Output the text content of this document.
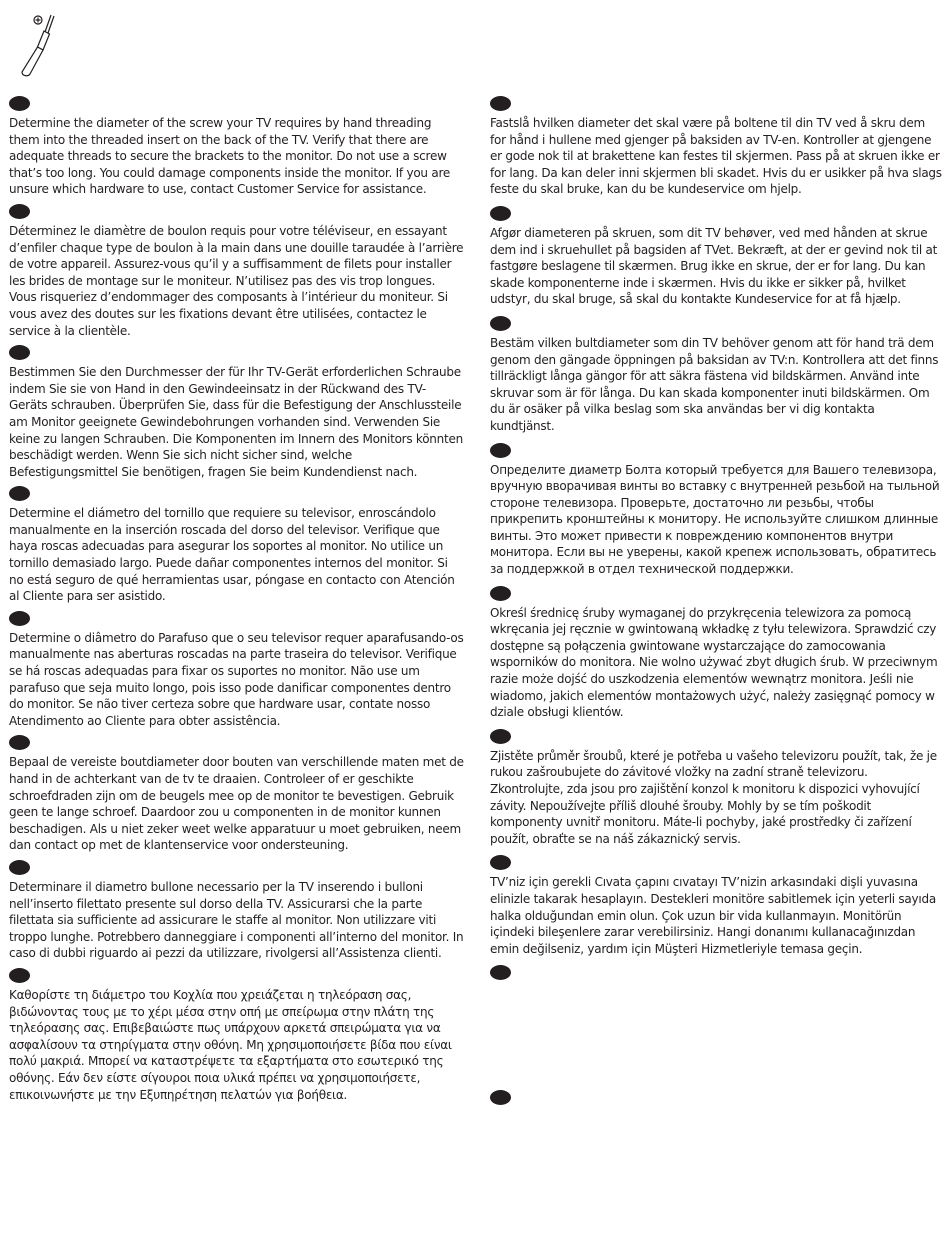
Determine the diameter of the screw your TV requires by hand threading them into the threaded insert on the back of the TV. Verify that there are adequate threads to secure the brackets to the monitor. Do not use a screw that’s too long. You could damage components inside the monitor. If you are unsure which hardware to use, contact Customer Service for assistance.

Déterminez le diamètre de boulon requis pour votre téléviseur, en essayant d’enfiler chaque type de boulon à la main dans une douille taraudée à l’arrière de votre appareil. Assurez-vous qu’il y a suffisamment de filets pour installer les brides de montage sur le moniteur. N’utilisez pas des vis trop longues. Vous risqueriez d’endommager des composants à l’intérieur du moniteur. Si vous avez des doutes sur les fixations devant être utilisées, contactez le service à la clientèle.

Bestimmen Sie den Durchmesser der für Ihr TV-Gerät erforderlichen Schraube indem Sie sie von Hand in den Gewindeeinsatz in der Rückwand des TV-Geräts schrauben. Überprüfen Sie, dass für die Befestigung der Anschlussteile am Monitor geeignete Gewindebohrungen vorhanden sind. Verwenden Sie keine zu langen Schrauben. Die Komponenten im Innern des Monitors könnten beschädigt werden. Wenn Sie sich nicht sicher sind, welche Befestigungsmittel Sie benötigen, fragen Sie beim Kundendienst nach.

Determine el diámetro del tornillo que requiere su televisor, enroscándolo manualmente en la inserción roscada del dorso del televisor. Verifique que haya roscas adecuadas para asegurar los soportes al monitor. No utilice un tornillo demasiado largo. Puede dañar componentes internos del monitor. Si no está seguro de qué herramientas usar, póngase en contacto con Atención al Cliente para ser asistido.

Determine o diâmetro do Parafuso que o seu televisor requer aparafusando-os manualmente nas aberturas roscadas na parte traseira do televisor. Verifique se há roscas adequadas para fixar os suportes no monitor. Não use um parafuso que seja muito longo, pois isso pode danificar componentes dentro do monitor. Se não tiver certeza sobre que hardware usar, contate nosso Atendimento ao Cliente para obter assistência.

Bepaal de vereiste boutdiameter door bouten van verschillende maten met de hand in de achterkant van de tv te draaien. Controleer of er geschikte schroefdraden zijn om de beugels mee op de monitor te bevestigen. Gebruik geen te lange schroef. Daardoor zou u componenten in de monitor kunnen beschadigen. Als u niet zeker weet welke apparatuur u moet gebruiken, neem dan contact op met de klantenservice voor ondersteuning.

Determinare il diametro bullone necessario per la TV inserendo i bulloni nell’inserto filettato presente sul dorso della TV. Assicurarsi che la parte filettata sia sufficiente ad assicurare le staffe al monitor. Non utilizzare viti troppo lunghe. Potrebbero danneggiare i componenti all’interno del monitor. In caso di dubbi riguardo ai pezzi da utilizzare, rivolgersi all’Assistenza clienti.

Καθορίστε τη διάμετρο του Κοχλία που χρειάζεται η τηλεόραση σας, βιδώνοντας τους με το χέρι μέσα στην οπή με σπείρωμα στην πλάτη της τηλεόρασης σας. Επιβεβαιώστε πως υπάρχουν αρκετά σπειρώματα για να ασφαλίσουν τα στηρίγματα στην οθόνη. Μη χρησιμοποιήσετε βίδα που είναι πολύ μακριά. Μπορεί να καταστρέψετε τα εξαρτήματα στο εσωτερικό της οθόνης. Εάν δεν είστε σίγουροι ποια υλικά πρέπει να χρησιμοποιήσετε, επικοινωνήστε με την Εξυπηρέτηση πελατών για βοήθεια.

Fastslå hvilken diameter det skal være på boltene til din TV ved å skru dem for hånd i hullene med gjenger på baksiden av TV-en. Kontroller at gjengene er gode nok til at brakettene kan festes til skjermen. Pass på at skruen ikke er for lang. Da kan deler inni skjermen bli skadet. Hvis du er usikker på hva slags feste du skal bruke, kan du be kundeservice om hjelp.

Afgør diameteren på skruen, som dit TV behøver, ved med hånden at skrue dem ind i skruehullet på bagsiden af TVet. Bekræft, at der er gevind nok til at fastgøre beslagene til skærmen. Brug ikke en skrue, der er for lang. Du kan skade komponenterne inde i skærmen. Hvis du ikke er sikker på, hvilket udstyr, du skal bruge, så skal du kontakte Kundeservice for at få hjælp.

Bestäm vilken bultdiameter som din TV behöver genom att för hand trä dem genom den gängade öppningen på baksidan av TV:n. Kontrollera att det finns tillräckligt långa gängor för att säkra fästena vid bildskärmen. Använd inte skruvar som är för långa. Du kan skada komponenter inuti bildskärmen. Om du är osäker på vilka beslag som ska användas ber vi dig kontakta kundtjänst.

Определите диаметр Болта который требуется для Вашего телевизора, вручную вворачивая винты во вставку с внутренней резьбой на тыльной стороне телевизора. Проверьте, достаточно ли резьбы, чтобы прикрепить кронштейны к монитору. Не используйте слишком длинные винты. Это может привести к повреждению компонентов внутри монитора. Если вы не уверены, какой крепеж использовать, обратитесь за поддержкой в отдел технической поддержки.

Określ średnicę śruby wymaganej do przykręcenia telewizora za pomocą wkręcania jej ręcznie w gwintowaną wkładkę z tyłu telewizora. Sprawdzić czy dostępne są połączenia gwintowane wystarczające do zamocowania wsporników do monitora. Nie wolno używać zbyt długich śrub. W przeciwnym razie może dojść do uszkodzenia elementów wewnątrz monitora. Jeśli nie wiadomo, jakich elementów montażowych użyć, należy zasięgnąć pomocy w dziale obsługi klientów.

Zjistěte průměr šroubů, které je potřeba u vašeho televizoru použít, tak, že je rukou zašroubujete do závitové vložky na zadní straně televizoru. Zkontrolujte, zda jsou pro zajištění konzol k monitoru k dispozici vyhovující závity. Nepoužívejte příliš dlouhé šrouby. Mohly by se tím poškodit komponenty uvnitř monitoru. Máte-li pochyby, jaké prostředky či zařízení použít, obraťte se na náš zákaznický servis.

TV’niz için gerekli Cıvata çapını cıvatayı TV’nizin arkasındaki dişli yuvasına elinizle takarak hesaplayın. Destekleri monitöre sabitlemek için yeterli sayıda halka olduğundan emin olun. Çok uzun bir vida kullanmayın. Monitörün içindeki bileşenlere zarar verebilirsiniz. Hangi donanımı kullanacağınızdan emin değilseniz, yardım için Müşteri Hizmetleriyle temasa geçin.
